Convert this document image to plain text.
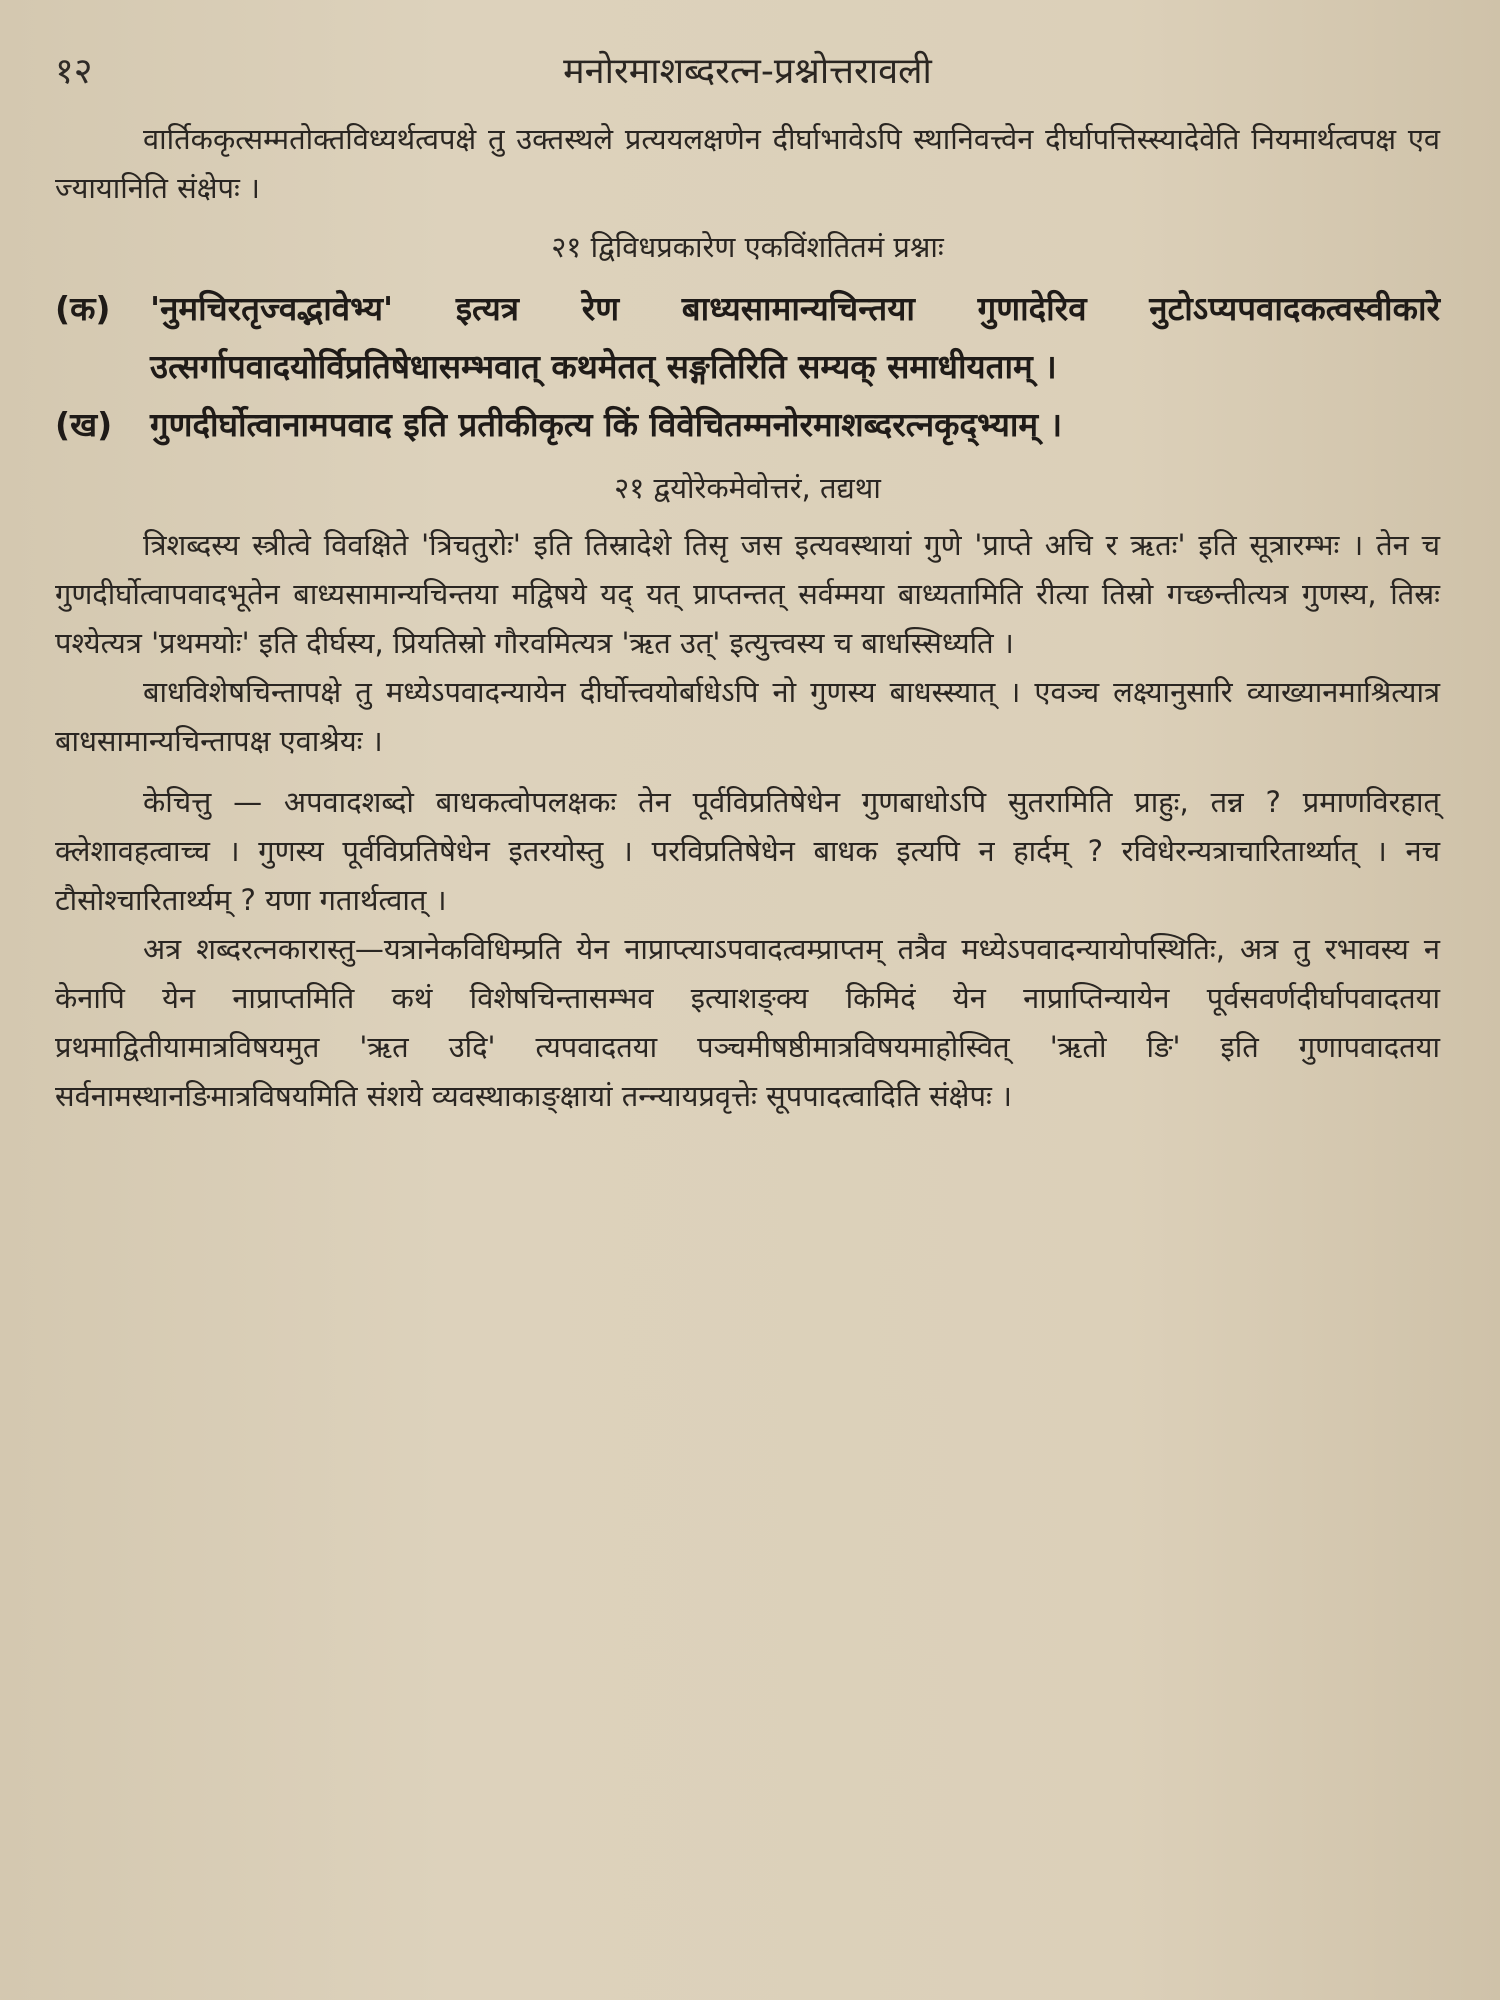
१२	मनोरमाशब्दरत्न-प्रश्नोत्तरावली

वार्तिककृत्सम्मतोक्तविध्यर्थत्वपक्षे तु उक्तस्थले प्रत्ययलक्षणेन दीर्घाभावेऽपि स्थानिवत्त्वेन दीर्घापत्तिस्स्यादेवेति नियमार्थत्वपक्ष एव ज्यायानिति संक्षेपः ।

२१ द्विविधप्रकारेण एकविंशतितमं प्रश्नाः
(क)	'नुमचिरतृज्वद्भावेभ्य' इत्यत्र रेण बाध्यसामान्यचिन्तया गुणादेरिव नुटोऽप्यपवादकत्वस्वीकारे उत्सर्गापवादयोर्विप्रतिषेधासम्भवात् कथमेतत् सङ्गतिरिति सम्यक् समाधीयताम् ।
(ख)	गुणदीर्घोत्वानामपवाद इति प्रतीकीकृत्य किं विवेचितम्मनोरमाशब्दरत्नकृद्भ्याम् ।
२१ द्वयोरेकमेवोत्तरं, तद्यथा

त्रिशब्दस्य स्त्रीत्वे विवक्षिते 'त्रिचतुरोः' इति तिस्रादेशे तिसृ जस इत्यवस्थायां गुणे 'प्राप्ते अचि र ऋतः' इति सूत्रारम्भः । तेन च गुणदीर्घोत्वापवादभूतेन बाध्यसामान्यचिन्तया मद्विषये यद् यत् प्राप्तन्तत् सर्वम्मया बाध्यतामिति रीत्या तिस्रो गच्छन्तीत्यत्र गुणस्य, तिस्रः पश्येत्यत्र 'प्रथमयोः' इति दीर्घस्य, प्रियतिस्रो गौरवमित्यत्र 'ऋत उत्' इत्युत्त्वस्य च बाधस्सिध्यति ।

बाधविशेषचिन्तापक्षे तु मध्येऽपवादन्यायेन दीर्घोत्त्वयोर्बाधेऽपि नो गुणस्य बाधस्स्यात् । एवञ्च लक्ष्यानुसारि व्याख्यानमाश्रित्यात्र बाधसामान्यचिन्तापक्ष एवाश्रेयः ।

केचित्तु — अपवादशब्दो बाधकत्वोपलक्षकः तेन पूर्वविप्रतिषेधेन गुणबाधोऽपि सुतरामिति प्राहुः, तन्न ? प्रमाणविरहात् क्लेशावहत्वाच्च । गुणस्य पूर्वविप्रतिषेधेन इतरयोस्तु । परविप्रतिषेधेन बाधक इत्यपि न हार्दम् ? रविधेरन्यत्राचारितार्थ्यात् । नच टौसोश्चारितार्थ्यम् ? यणा गतार्थत्वात् ।

अत्र शब्दरत्नकारास्तु—यत्रानेकविधिम्प्रति येन नाप्राप्त्याऽपवादत्वम्प्राप्तम् तत्रैव मध्येऽपवादन्यायोपस्थितिः, अत्र तु रभावस्य न केनापि येन नाप्राप्तमिति कथं विशेषचिन्तासम्भव इत्याशङ्क्य किमिदं येन नाप्राप्तिन्यायेन पूर्वसवर्णदीर्घापवादतया प्रथमाद्वितीयामात्रविषयमुत 'ऋत उदि' त्यपवादतया पञ्चमीषष्ठीमात्रविषयमाहोस्वित् 'ऋतो ङि' इति गुणापवादतया सर्वनामस्थानङिमात्रविषयमिति संशये व्यवस्थाकाङ्क्षायां तन्न्यायप्रवृत्तेः सूपपादत्वादिति संक्षेपः ।
